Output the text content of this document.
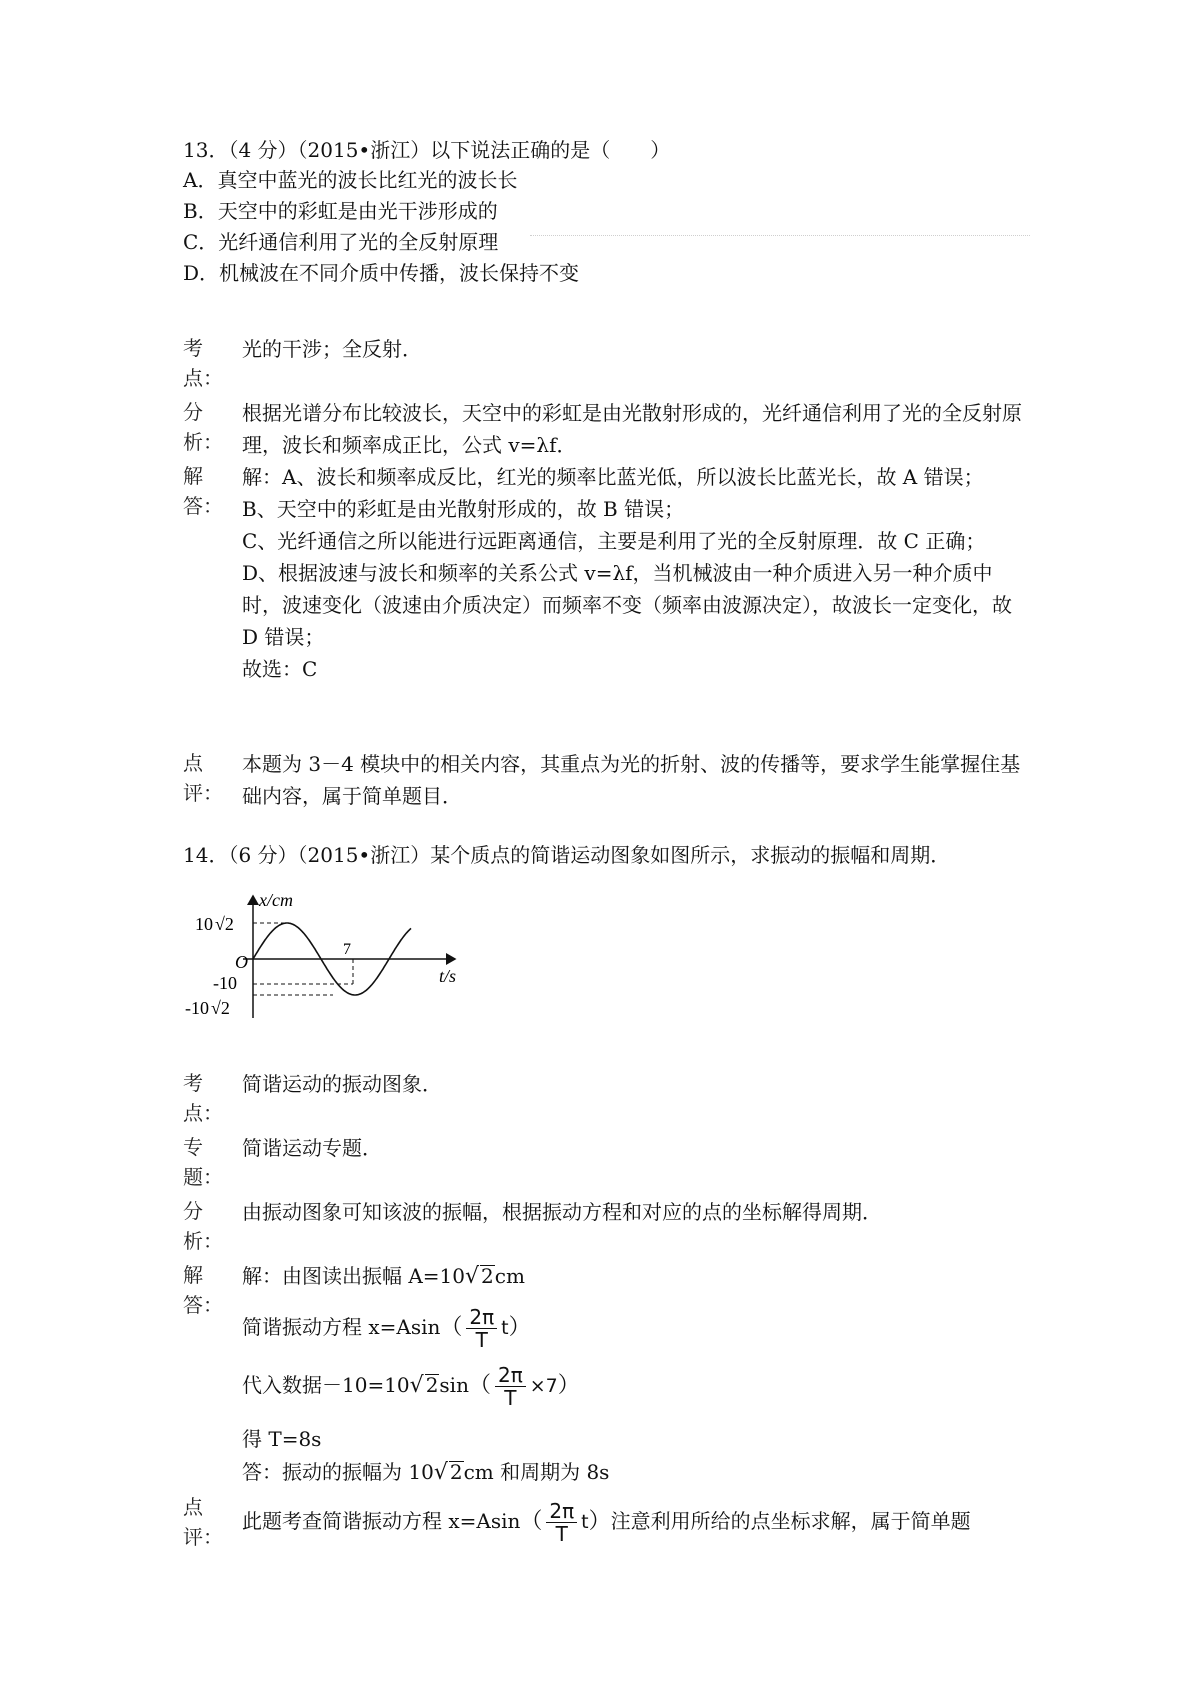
13．（4 分）（2015•浙江）以下说法正确的是（　　）
A．真空中蓝光的波长比红光的波长长
B．天空中的彩虹是由光干涉形成的
C．光纤通信利用了光的全反射原理
D．机械波在不同介质中传播，波长保持不变
考
点：
光的干涉；全反射．
分
析：
根据光谱分布比较波长，天空中的彩虹是由光散射形成的，光纤通信利用了光的全反射原理，波长和频率成正比，公式 v=λf．
解
答：
解：A、波长和频率成反比，红光的频率比蓝光低，所以波长比蓝光长，故 A 错误；
B、天空中的彩虹是由光散射形成的，故 B 错误；
C、光纤通信之所以能进行远距离通信，主要是利用了光的全反射原理．故 C 正确；
D、根据波速与波长和频率的关系公式 v=λf，当机械波由一种介质进入另一种介质中时，波速变化（波速由介质决定）而频率不变（频率由波源决定），故波长一定变化，故 D 错误；
故选：C
点
评：
本题为 3－4 模块中的相关内容，其重点为光的折射、波的传播等，要求学生能掌握住基础内容，属于简单题目．
14．（6 分）（2015•浙江）某个质点的简谐运动图象如图所示，求振动的振幅和周期．
x/cm
t/s
O
7
10 √2
-10
-10 √2
考
点：
简谐运动的振动图象．
专
题：
简谐运动专题．
分
析：
由振动图象可知该波的振幅，根据振动方程和对应的点的坐标解得周期．
解
答：
解：由图读出振幅 A=10√ 2cm
简谐振动方程 $x=Asin( \frac{2\pi}{T} t)$
代入数据－10=10√ $2\sin( \frac{2\pi}{T} \times 7)$
得 T=8s
答：振动的振幅为 10√ 2cm 和周期为 8s
点
评：
此题考查简谐振动方程 $x=Asin( \frac{2\pi}{T} t)$注意利用所给的点坐标求解，属于简单题
